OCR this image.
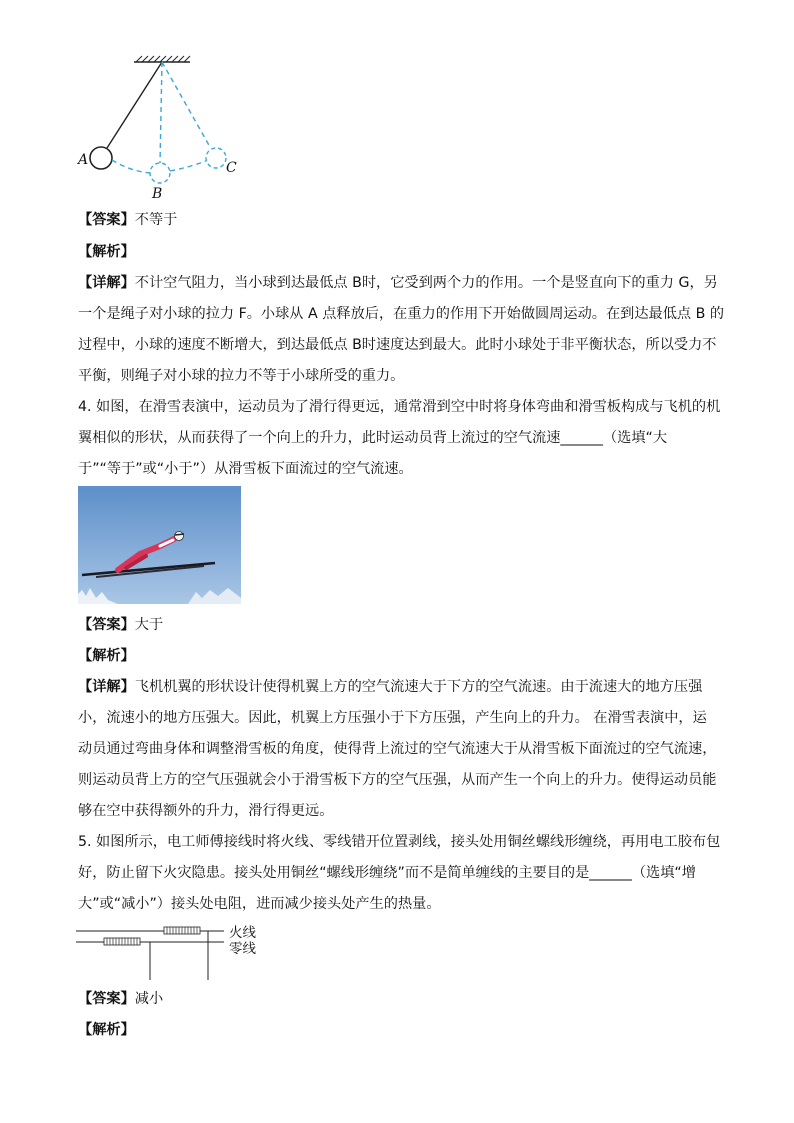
A
B
C
【答案】不等于
【解析】
【详解】不计空气阻力，当小球到达最低点 B时，它受到两个力的作用。一个是竖直向下的重力 G，另
一个是绳子对小球的拉力 F。小球从 A 点释放后，在重力的作用下开始做圆周运动。在到达最低点 B 的
过程中，小球的速度不断增大，到达最低点 B时速度达到最大。此时小球处于非平衡状态，所以受力不
平衡，则绳子对小球的拉力不等于小球所受的重力。
4. 如图，在滑雪表演中，运动员为了滑行得更远，通常滑到空中时将身体弯曲和滑雪板构成与飞机的机
翼相似的形状，从而获得了一个向上的升力，此时运动员背上流过的空气流速______（选填“大
于”“等于”或“小于”）从滑雪板下面流过的空气流速。
【答案】大于
【解析】
【详解】飞机机翼的形状设计使得机翼上方的空气流速大于下方的空气流速。由于流速大的地方压强
小，流速小的地方压强大。因此，机翼上方压强小于下方压强，产生向上的升力。 在滑雪表演中，运
动员通过弯曲身体和调整滑雪板的角度，使得背上流过的空气流速大于从滑雪板下面流过的空气流速，
则运动员背上方的空气压强就会小于滑雪板下方的空气压强，从而产生一个向上的升力。使得运动员能
够在空中获得额外的升力，滑行得更远。
5. 如图所示，电工师傅接线时将火线、零线错开位置剥线，接头处用铜丝螺线形缠绕，再用电工胶布包
好，防止留下火灾隐患。接头处用铜丝“螺线形缠绕”而不是简单缠线的主要目的是______（选填“增
大”或“减小”）接头处电阻，进而减少接头处产生的热量。
火线
零线
【答案】减小
【解析】
